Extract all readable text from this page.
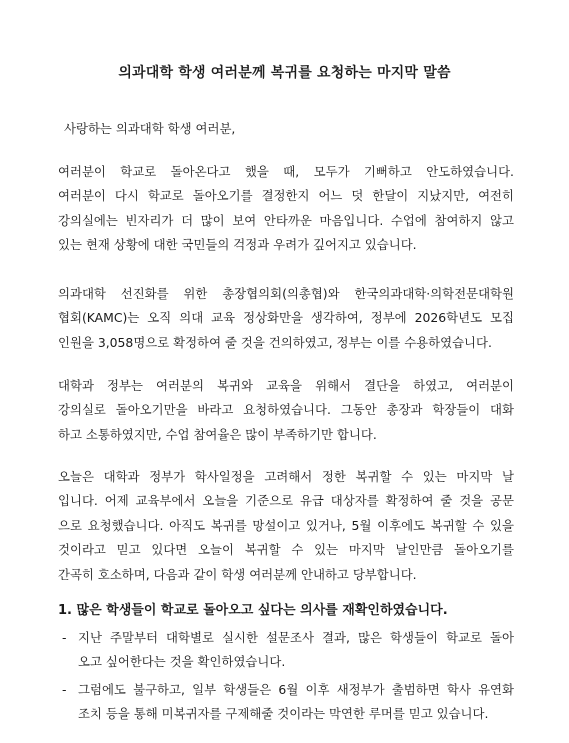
의과대학 학생 여러분께 복귀를 요청하는 마지막 말씀
사랑하는 의과대학 학생 여러분,
여러분이 학교로 돌아온다고 했을 때, 모두가 기뻐하고 안도하였습니다.
여러분이 다시 학교로 돌아오기를 결정한지 어느 덧 한달이 지났지만, 여전히
강의실에는 빈자리가 더 많이 보여 안타까운 마음입니다. 수업에 참여하지 않고
있는 현재 상황에 대한 국민들의 걱정과 우려가 깊어지고 있습니다.
의과대학 선진화를 위한 총장협의회(의총협)와 한국의과대학·의학전문대학원
협회(KAMC)는 오직 의대 교육 정상화만을 생각하여, 정부에 2026학년도 모집
인원을 3,058명으로 확정하여 줄 것을 건의하였고, 정부는 이를 수용하였습니다.
대학과 정부는 여러분의 복귀와 교육을 위해서 결단을 하였고, 여러분이
강의실로 돌아오기만을 바라고 요청하였습니다. 그동안 총장과 학장들이 대화
하고 소통하였지만, 수업 참여율은 많이 부족하기만 합니다.
오늘은 대학과 정부가 학사일정을 고려해서 정한 복귀할 수 있는 마지막 날
입니다. 어제 교육부에서 오늘을 기준으로 유급 대상자를 확정하여 줄 것을 공문
으로 요청했습니다. 아직도 복귀를 망설이고 있거나, 5월 이후에도 복귀할 수 있을
것이라고 믿고 있다면 오늘이 복귀할 수 있는 마지막 날인만큼 돌아오기를
간곡히 호소하며, 다음과 같이 학생 여러분께 안내하고 당부합니다.
1. 많은 학생들이 학교로 돌아오고 싶다는 의사를 재확인하였습니다.
- 지난 주말부터 대학별로 실시한 설문조사 결과, 많은 학생들이 학교로 돌아
오고 싶어한다는 것을 확인하였습니다.
- 그럼에도 불구하고, 일부 학생들은 6월 이후 새정부가 출범하면 학사 유연화
조치 등을 통해 미복귀자를 구제해줄 것이라는 막연한 루머를 믿고 있습니다.
